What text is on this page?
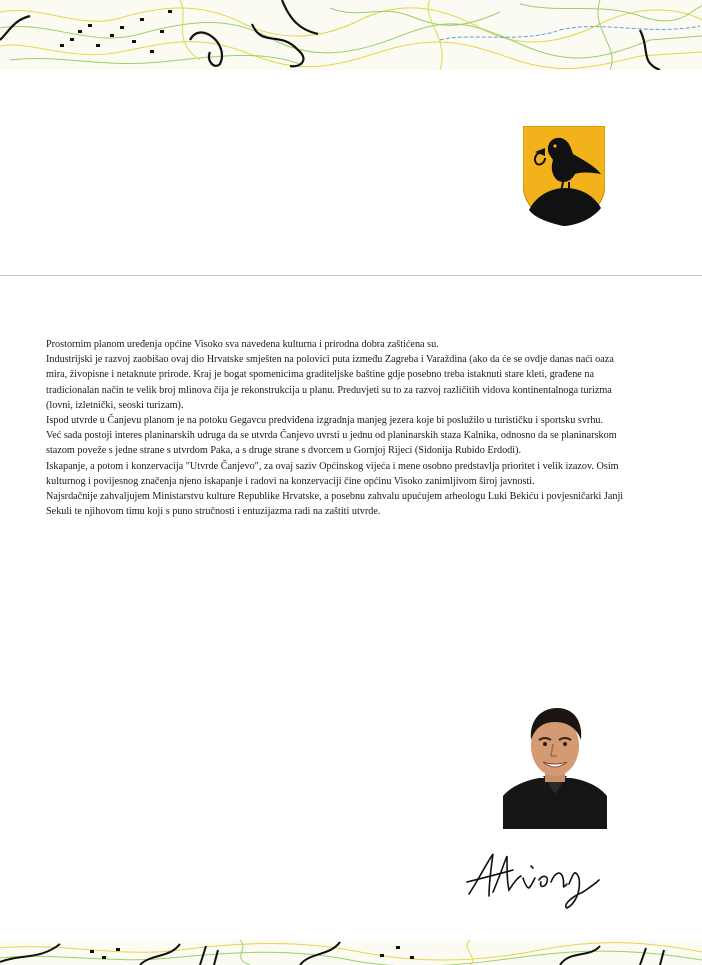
Prostornim planom uređenja općine Visoko sva navedena kulturna i prirodna dobra zaštićena su.

Industrijski je razvoj zaobišao ovaj dio Hrvatske smješten na polovici puta između Zagreba i Varaždina (ako da će se ovdje danas naći oaza mira, živopisne i netaknute prirode. Kraj je bogat spomenicima graditeljske baštine gdje posebno treba istaknuti stare kleti, građene na tradicionalan način te velik broj mlinova čija je rekonstrukcija u planu. Preduvjeti su to za razvoj različitih vidova kontinentalnoga turizma (lovni, izletnički, seoski turizam).

Ispod utvrde u Čanjevu planom je na potoku Gegavcu predviđena izgradnja manjeg jezera koje bi poslužilo u turističku i sportsku svrhu.

Već sada postoji interes planinarskih udruga da se utvrda Čanjevo uvrsti u jednu od planinarskih staza Kalnika, odnosno da se planinarskom stazom poveže s jedne strane s utvrdom Paka, a s druge strane s dvorcem u Gornjoj Rijeci (Sidonija Rubido Erdodi).

Iskapanje, a potom i konzervacija "Utvrde Čanjevo", za ovaj saziv Općinskog vijeća i mene osobno predstavlja prioritet i velik izazov. Osim kulturnog i povijesnog značenja njeno iskapanje i radovi na konzervaciji čine općinu Visoko zanimljivom široj javnosti.

Najsrdačnije zahvaljujem Ministarstvu kulture Republike Hrvatske, a posebnu zahvalu upućujem arheologu Luki Bekiću i povjesničarki Janji Sekuli te njihovom timu koji s puno stručnosti i entuzijazma radi na zaštiti utvrde.
